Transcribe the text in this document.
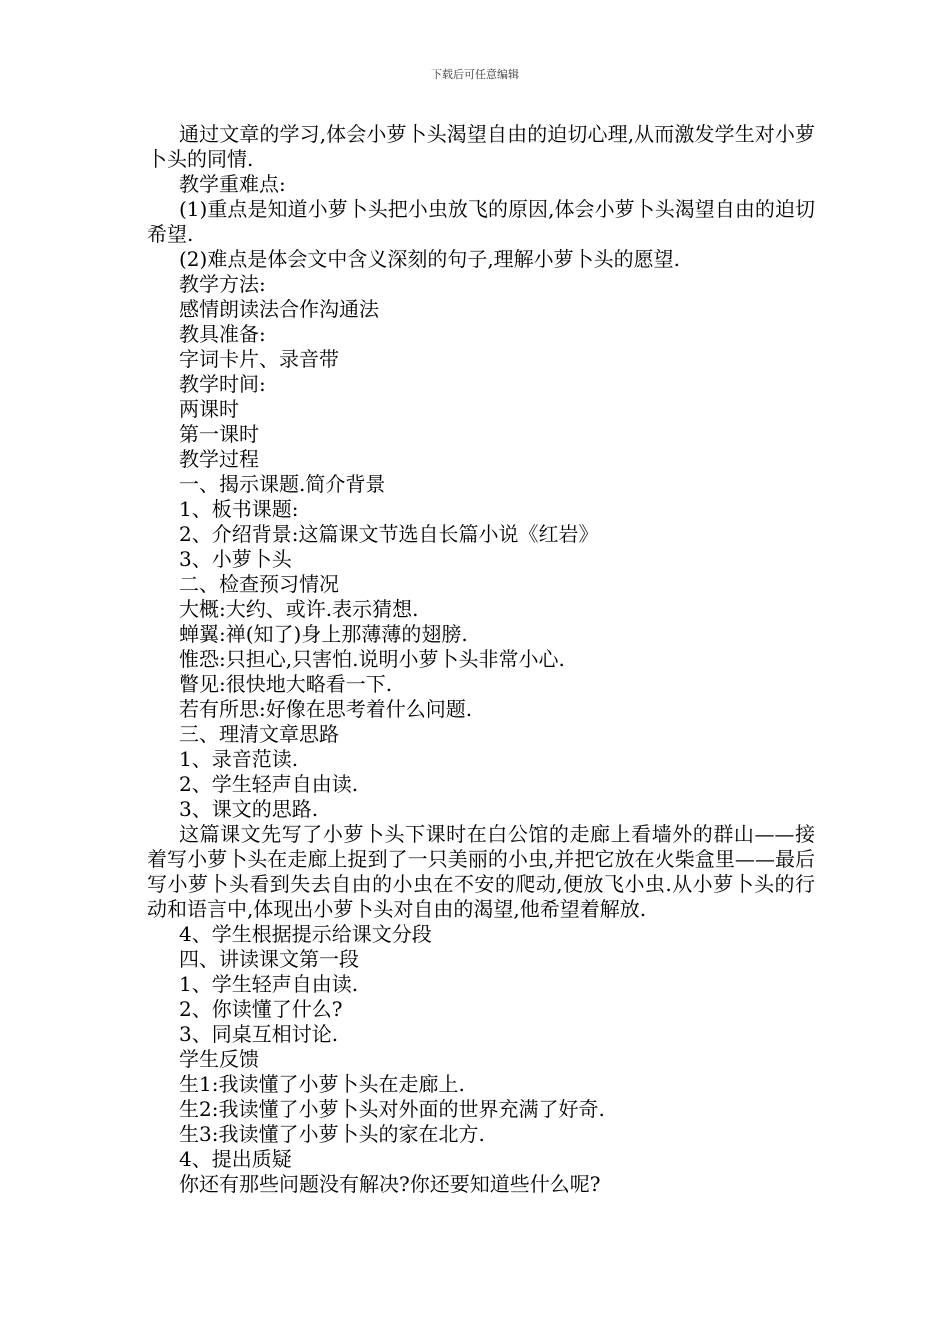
下载后可任意编辑

通过文章的学习,体会小萝卜头渴望自由的迫切心理,从而激发学生对小萝卜头的同情.

教学重难点:

(1)重点是知道小萝卜头把小虫放飞的原因,体会小萝卜头渴望自由的迫切希望.

(2)难点是体会文中含义深刻的句子,理解小萝卜头的愿望.

教学方法:

感情朗读法合作沟通法

教具准备:

字词卡片、录音带

教学时间:

两课时

第一课时

教学过程

一、揭示课题.简介背景

1、板书课题:

2、介绍背景:这篇课文节选自长篇小说《红岩》

3、小萝卜头

二、检查预习情况

大概:大约、或许.表示猜想.

蝉翼:禅(知了)身上那薄薄的翅膀.

惟恐:只担心,只害怕.说明小萝卜头非常小心.

瞥见:很快地大略看一下.

若有所思:好像在思考着什么问题.

三、理清文章思路

1、录音范读.

2、学生轻声自由读.

3、课文的思路.

这篇课文先写了小萝卜头下课时在白公馆的走廊上看墙外的群山——接着写小萝卜头在走廊上捉到了一只美丽的小虫,并把它放在火柴盒里——最后写小萝卜头看到失去自由的小虫在不安的爬动,便放飞小虫.从小萝卜头的行动和语言中,体现出小萝卜头对自由的渴望,他希望着解放.

4、学生根据提示给课文分段

四、讲读课文第一段

1、学生轻声自由读.

2、你读懂了什么?

3、同桌互相讨论.

学生反馈

生1:我读懂了小萝卜头在走廊上.

生2:我读懂了小萝卜头对外面的世界充满了好奇.

生3:我读懂了小萝卜头的家在北方.

4、提出质疑

你还有那些问题没有解决?你还要知道些什么呢?
